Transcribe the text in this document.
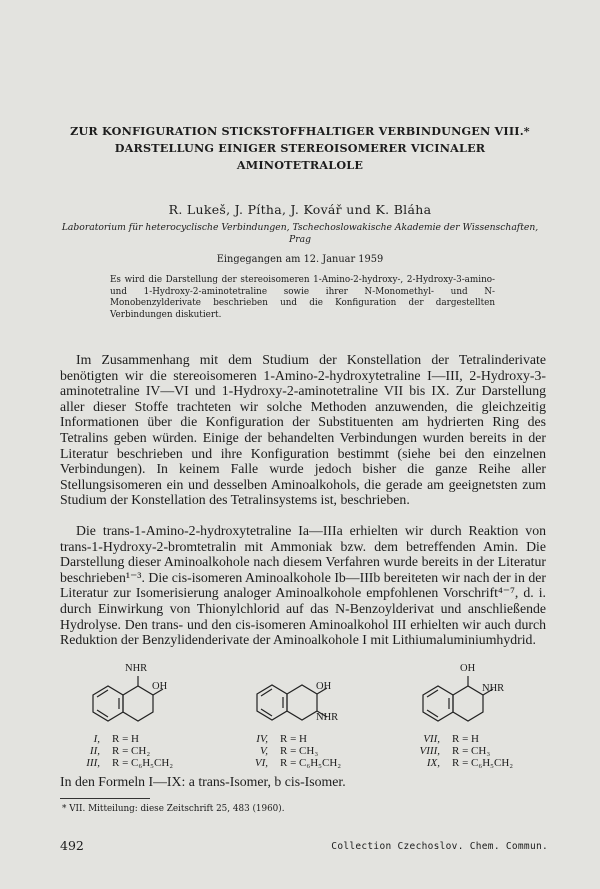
ZUR KONFIGURATION STICKSTOFFHALTIGER VERBINDUNGEN VIII.*
DARSTELLUNG EINIGER STEREOISOMERER VICINALER
AMINOTETRALOLE
R. Lukeš, J. Pítha, J. Kovář und K. Bláha
Laboratorium für heterocyclische Verbindungen, Tschechoslowakische Akademie der Wissenschaften, Prag
Eingegangen am 12. Januar 1959
Es wird die Darstellung der stereoisomeren 1-Amino-2-hydroxy-, 2-Hydroxy-3-amino- und 1-Hydroxy-2-aminotetraline sowie ihrer N-Monomethyl- und N-Monobenzylderivate beschrieben und die Konfiguration der dargestellten Verbindungen diskutiert.
Im Zusammenhang mit dem Studium der Konstellation der Tetralinderivate benötigten wir die stereoisomeren 1-Amino-2-hydroxytetraline I—III, 2-Hydroxy-3-aminotetraline IV—VI und 1-Hydroxy-2-aminotetraline VII bis IX. Zur Darstellung aller dieser Stoffe trachteten wir solche Methoden anzuwenden, die gleichzeitig Informationen über die Konfiguration der Substituenten am hydrierten Ring des Tetralins geben würden. Einige der behandelten Verbindungen wurden bereits in der Literatur beschrieben und ihre Konfiguration bestimmt (siehe bei den einzelnen Verbindungen). In keinem Falle wurde jedoch bisher die ganze Reihe aller Stellungsisomeren ein und desselben Aminoalkohols, die gerade am geeignetsten zum Studium der Konstellation des Tetralinsystems ist, beschrieben.
Die trans-1-Amino-2-hydroxytetraline Ia—IIIa erhielten wir durch Reaktion von trans-1-Hydroxy-2-bromtetralin mit Ammoniak bzw. dem betreffenden Amin. Die Darstellung dieser Aminoalkohole nach diesem Verfahren wurde bereits in der Literatur beschrieben¹⁻³. Die cis-isomeren Aminoalkohole Ib—IIIb bereiteten wir nach der in der Literatur zur Isomerisierung analoger Aminoalkohole empfohlenen Vorschrift⁴⁻⁷, d. i. durch Einwirkung von Thionylchlorid auf das N-Benzoylderivat und anschließende Hydrolyse. Den trans- und den cis-isomeren Aminoalkohol III erhielten wir auch durch Reduktion der Benzylidenderivate der Aminoalkohole I mit Lithiumaluminiumhydrid.
NHR
OH	OH
NHR
OH
NHR
I, R = H
II, R = CH₂
III, R = C₆H₅CH₂
IV, R = H
V, R = CH₃
VI, R = C₆H₅CH₂
VII, R = H
VIII, R = CH₃
IX, R = C₆H₅CH₂
In den Formeln I—IX: a trans-Isomer, b cis-Isomer.
* VII. Mitteilung: diese Zeitschrift 25, 483 (1960).
492	Collection Czechoslov. Chem. Commun.
